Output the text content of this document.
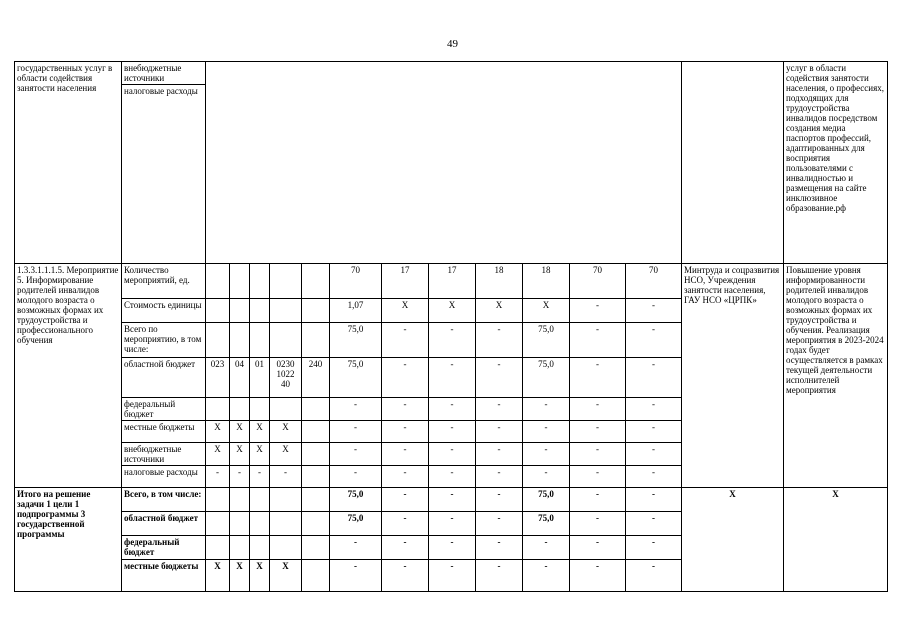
49
государственных услуг в области содействия занятости населения	внебюджетные источники														услуг в области содействия занятости населения, о профессиях, подходящих для трудоустройства инвалидов посредством создания медиа паспортов профессий, адаптированных для восприятия пользователями с инвалидностью и размещения на сайте инклюзивное образование.рф
	налоговые расходы														
1.3.3.1.1.1.5. Мероприятие 5. Информирование родителей инвалидов молодого возраста о возможных формах их трудоустройства и профессионального обучения	Количество мероприятий, ед.						70	17	17	18	18	70	70	Минтруда и соцразвития НСО, Учреждения занятости населения, ГАУ НСО «ЦРПК»	Повышение уровня информированности родителей инвалидов молодого возраста о возможных формах их трудоустройства и обучения. Реализация мероприятия в 2023-2024 годах будет осуществляется в рамках текущей деятельности исполнителей мероприятия
	Стоимость единицы						1,07	Х	Х	Х	Х	-	-		
	Всего по мероприятию, в том числе:						75,0	-	-	-	75,0	-	-		
	областной бюджет	023	04	01	0230 1022 40	240	75,0	-	-	-	75,0	-	-		
	федеральный бюджет						-	-	-	-	-	-	-		
	местные бюджеты	Х	Х	Х	Х		-	-	-	-	-	-	-		
	внебюджетные источники	Х	Х	Х	Х		-	-	-	-	-	-	-		
	налоговые расходы	-	-	-	-		-	-	-	-	-	-	-		
Итого на решение задачи 1 цели 1 подпрограммы 3 государственной программы	Всего, в том числе:						75,0	-	-	-	75,0	-	-	Х	Х
	областной бюджет						75,0	-	-	-	75,0	-	-		
	федеральный бюджет						-	-	-	-	-	-	-		
	местные бюджеты	Х	Х	Х	Х		-	-	-	-	-	-	-		
